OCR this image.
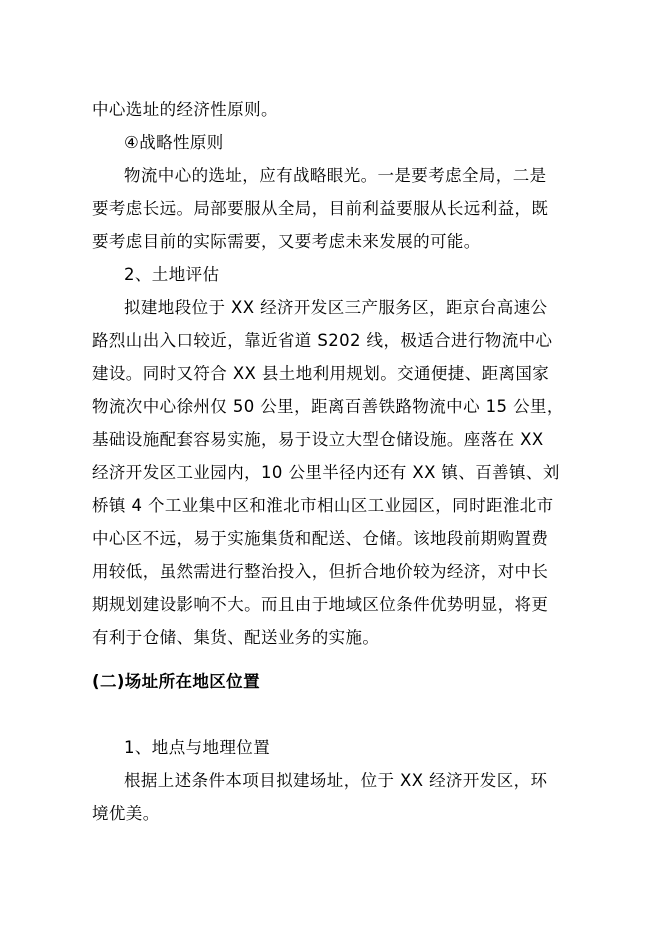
中心选址的经济性原则。
④战略性原则
物流中心的选址，应有战略眼光。一是要考虑全局，二是
要考虑长远。局部要服从全局，目前利益要服从长远利益，既
要考虑目前的实际需要，又要考虑未来发展的可能。
2、土地评估
拟建地段位于 XX 经济开发区三产服务区，距京台高速公
路烈山出入口较近，靠近省道 S202 线，极适合进行物流中心
建设。同时又符合 XX 县土地利用规划。交通便捷、距离国家
物流次中心徐州仅 50 公里，距离百善铁路物流中心 15 公里，
基础设施配套容易实施，易于设立大型仓储设施。座落在 XX
经济开发区工业园内，10 公里半径内还有 XX 镇、百善镇、刘
桥镇 4 个工业集中区和淮北市相山区工业园区，同时距淮北市
中心区不远，易于实施集货和配送、仓储。该地段前期购置费
用较低，虽然需进行整治投入，但折合地价较为经济，对中长
期规划建设影响不大。而且由于地域区位条件优势明显，将更
有利于仓储、集货、配送业务的实施。
(二)场址所在地区位置
1、地点与地理位置
根据上述条件本项目拟建场址，位于 XX 经济开发区，环
境优美。
